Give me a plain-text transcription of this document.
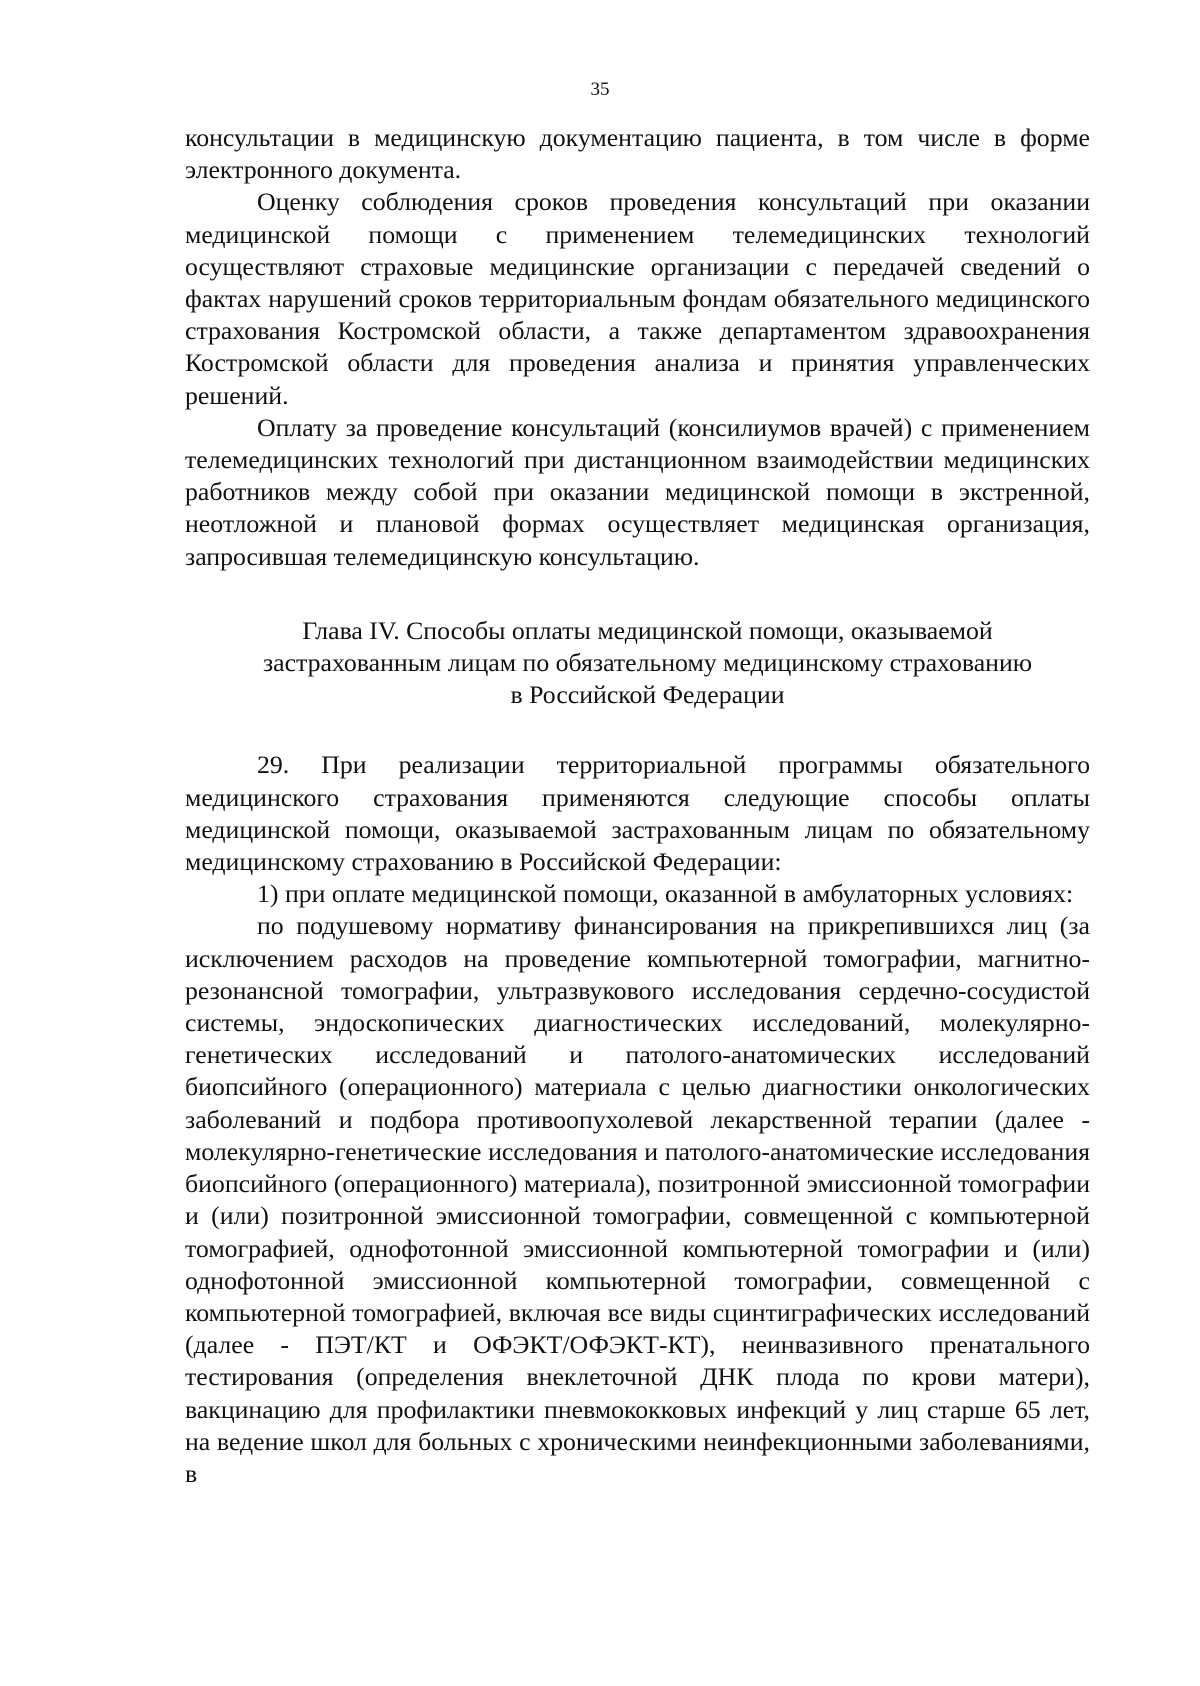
35

консультации в медицинскую документацию пациента, в том числе в форме электронного документа.

Оценку соблюдения сроков проведения консультаций при оказании медицинской помощи с применением телемедицинских технологий осуществляют страховые медицинские организации с передачей сведений о фактах нарушений сроков территориальным фондам обязательного медицинского страхования Костромской области, а также департаментом здравоохранения Костромской области для проведения анализа и принятия управленческих решений.

Оплату за проведение консультаций (консилиумов врачей) с применением телемедицинских технологий при дистанционном взаимодействии медицинских работников между собой при оказании медицинской помощи в экстренной, неотложной и плановой формах осуществляет медицинская организация, запросившая телемедицинскую консультацию.

Глава IV. Способы оплаты медицинской помощи, оказываемой
застрахованным лицам по обязательному медицинскому страхованию
в Российской Федерации

29. При реализации территориальной программы обязательного медицинского страхования применяются следующие способы оплаты медицинской помощи, оказываемой застрахованным лицам по обязательному медицинскому страхованию в Российской Федерации:

1) при оплате медицинской помощи, оказанной в амбулаторных условиях:

по подушевому нормативу финансирования на прикрепившихся лиц (за исключением расходов на проведение компьютерной томографии, магнитно-резонансной томографии, ультразвукового исследования сердечно-сосудистой системы, эндоскопических диагностических исследований, молекулярно-генетических исследований и патолого-анатомических исследований биопсийного (операционного) материала с целью диагностики онкологических заболеваний и подбора противоопухолевой лекарственной терапии (далее - молекулярно-генетические исследования и патолого-анатомические исследования биопсийного (операционного) материала), позитронной эмиссионной томографии и (или) позитронной эмиссионной томографии, совмещенной с компьютерной томографией, однофотонной эмиссионной компьютерной томографии и (или) однофотонной эмиссионной компьютерной томографии, совмещенной с компьютерной томографией, включая все виды сцинтиграфических исследований (далее - ПЭТ/КТ и ОФЭКТ/ОФЭКТ-КТ), неинвазивного пренатального тестирования (определения внеклеточной ДНК плода по крови матери), вакцинацию для профилактики пневмококковых инфекций у лиц старше 65 лет, на ведение школ для больных с хроническими неинфекционными заболеваниями, в
